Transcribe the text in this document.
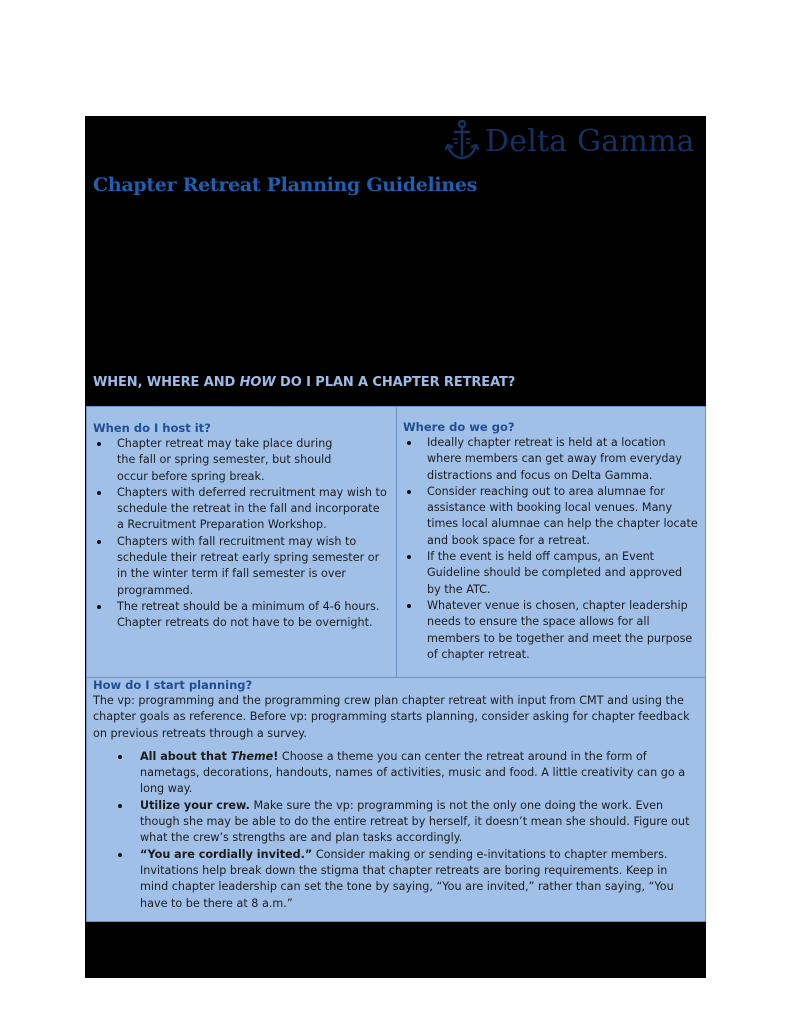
Delta Gamma
Chapter Retreat Planning Guidelines
WHEN, WHERE AND HOW DO I PLAN A CHAPTER RETREAT?
When do I host it?
Chapter retreat may take place during the fall or spring semester, but should occur before spring break.
Chapters with deferred recruitment may wish to schedule the retreat in the fall and incorporate a Recruitment Preparation Workshop.
Chapters with fall recruitment may wish to schedule their retreat early spring semester or in the winter term if fall semester is over programmed.
The retreat should be a minimum of 4-6 hours. Chapter retreats do not have to be overnight.
Where do we go?
Ideally chapter retreat is held at a location where members can get away from everyday distractions and focus on Delta Gamma.
Consider reaching out to area alumnae for assistance with booking local venues. Many times local alumnae can help the chapter locate and book space for a retreat.
If the event is held off campus, an Event Guideline should be completed and approved by the ATC.
Whatever venue is chosen, chapter leadership needs to ensure the space allows for all members to be together and meet the purpose of chapter retreat.
How do I start planning?

The vp: programming and the programming crew plan chapter retreat with input from CMT and using the chapter goals as reference. Before vp: programming starts planning, consider asking for chapter feedback on previous retreats through a survey.

All about that Theme! Choose a theme you can center the retreat around in the form of nametags, decorations, handouts, names of activities, music and food. A little creativity can go a long way.
Utilize your crew. Make sure the vp: programming is not the only one doing the work. Even though she may be able to do the entire retreat by herself, it doesn’t mean she should. Figure out what the crew’s strengths are and plan tasks accordingly.
“You are cordially invited.” Consider making or sending e-invitations to chapter members. Invitations help break down the stigma that chapter retreats are boring requirements. Keep in mind chapter leadership can set the tone by saying, “You are invited,” rather than saying, “You have to be there at 8 a.m.”
